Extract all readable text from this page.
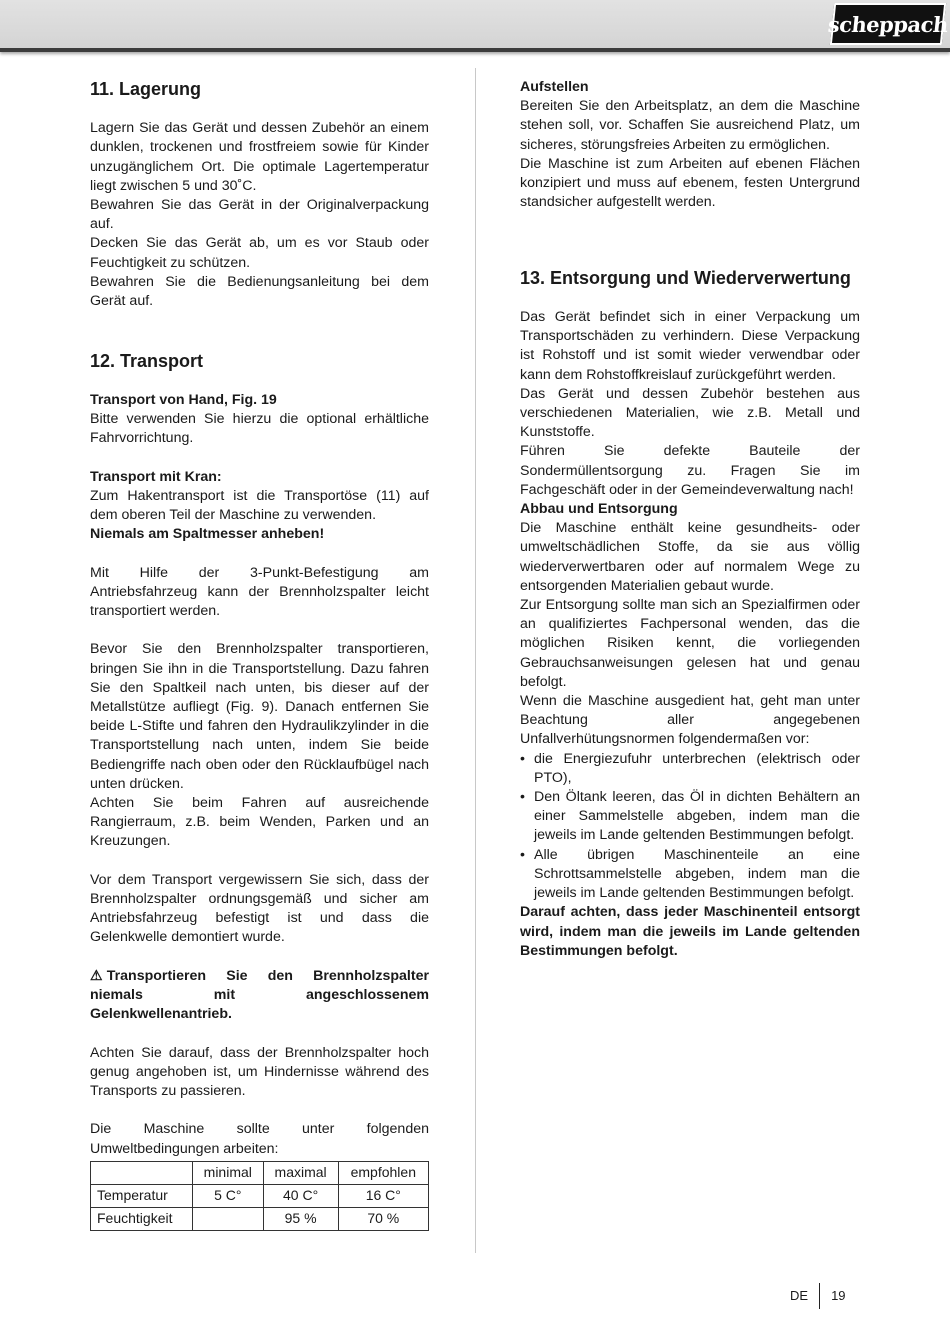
scheppach
11. Lagerung

Lagern Sie das Gerät und dessen Zubehör an einem dunklen, trockenen und frostfreiem sowie für Kinder unzugänglichem Ort. Die optimale Lagertemperatur liegt zwischen 5 und 30˚C.

Bewahren Sie das Gerät in der Originalverpackung auf.

Decken Sie das Gerät ab, um es vor Staub oder Feuchtigkeit zu schützen.

Bewahren Sie die Bedienungsanleitung bei dem Gerät auf.

12. Transport

Transport von Hand, Fig. 19

Bitte verwenden Sie hierzu die optional erhältliche Fahrvorrichtung.

Transport mit Kran:

Zum Hakentransport ist die Transportöse (11) auf dem oberen Teil der Maschine zu verwenden.

Niemals am Spaltmesser anheben!

Mit Hilfe der 3-Punkt-Befestigung am Antriebsfahrzeug kann der Brennholzspalter leicht transportiert werden.

Bevor Sie den Brennholzspalter transportieren, bringen Sie ihn in die Transportstellung. Dazu fahren Sie den Spaltkeil nach unten, bis dieser auf der Metallstütze aufliegt (Fig. 9). Danach entfernen Sie beide L-Stifte und fahren den Hydraulikzylinder in die Transportstellung nach unten, indem Sie beide Bediengriffe nach oben oder den Rücklaufbügel nach unten drücken.

Achten Sie beim Fahren auf ausreichende Rangierraum, z.B. beim Wenden, Parken und an Kreuzungen.

Vor dem Transport vergewissern Sie sich, dass der Brennholzspalter ordnungsgemäß und sicher am Antriebsfahrzeug befestigt ist und dass die Gelenkwelle demontiert wurde.

⚠ Transportieren Sie den Brennholzspalter niemals mit angeschlossenem Gelenkwellenantrieb.

Achten Sie darauf, dass der Brennholzspalter hoch genug angehoben ist, um Hindernisse während des Transports zu passieren.

Die Maschine sollte unter folgenden Umweltbedingungen arbeiten:

	minimal	maximal	empfohlen
Temperatur	5 C°	40 C°	16 C°
Feuchtigkeit		95 %	70 %

Aufstellen

Bereiten Sie den Arbeitsplatz, an dem die Maschine stehen soll, vor. Schaffen Sie ausreichend Platz, um sicheres, störungsfreies Arbeiten zu ermöglichen.

Die Maschine ist zum Arbeiten auf ebenen Flächen konzipiert und muss auf ebenem, festen Untergrund standsicher aufgestellt werden.

13. Entsorgung und Wiederverwertung

Das Gerät befindet sich in einer Verpackung um Transportschäden zu verhindern. Diese Verpackung ist Rohstoff und ist somit wieder verwendbar oder kann dem Rohstoffkreislauf zurückgeführt werden.

Das Gerät und dessen Zubehör bestehen aus verschiedenen Materialien, wie z.B. Metall und Kunststoffe.

Führen Sie defekte Bauteile der Sondermüllentsorgung zu. Fragen Sie im Fachgeschäft oder in der Gemeindeverwaltung nach!

Abbau und Entsorgung

Die Maschine enthält keine gesundheits- oder umweltschädlichen Stoffe, da sie aus völlig wiederverwertbaren oder auf normalem Wege zu entsorgenden Materialien gebaut wurde.

Zur Entsorgung sollte man sich an Spezialfirmen oder an qualifiziertes Fachpersonal wenden, das die möglichen Risiken kennt, die vorliegenden Gebrauchsanweisungen gelesen hat und genau befolgt.

Wenn die Maschine ausgedient hat, geht man unter Beachtung aller angegebenen Unfallverhütungsnormen folgendermaßen vor:

• die Energiezufuhr unterbrechen (elektrisch oder PTO),
• Den Öltank leeren, das Öl in dichten Behältern an einer Sammelstelle abgeben, indem man die jeweils im Lande geltenden Bestimmungen befolgt.
• Alle übrigen Maschinenteile an eine Schrottsammelstelle abgeben, indem man die jeweils im Lande geltenden Bestimmungen befolgt.

Darauf achten, dass jeder Maschinenteil entsorgt wird, indem man die jeweils im Lande geltenden Bestimmungen befolgt.

DE 19
